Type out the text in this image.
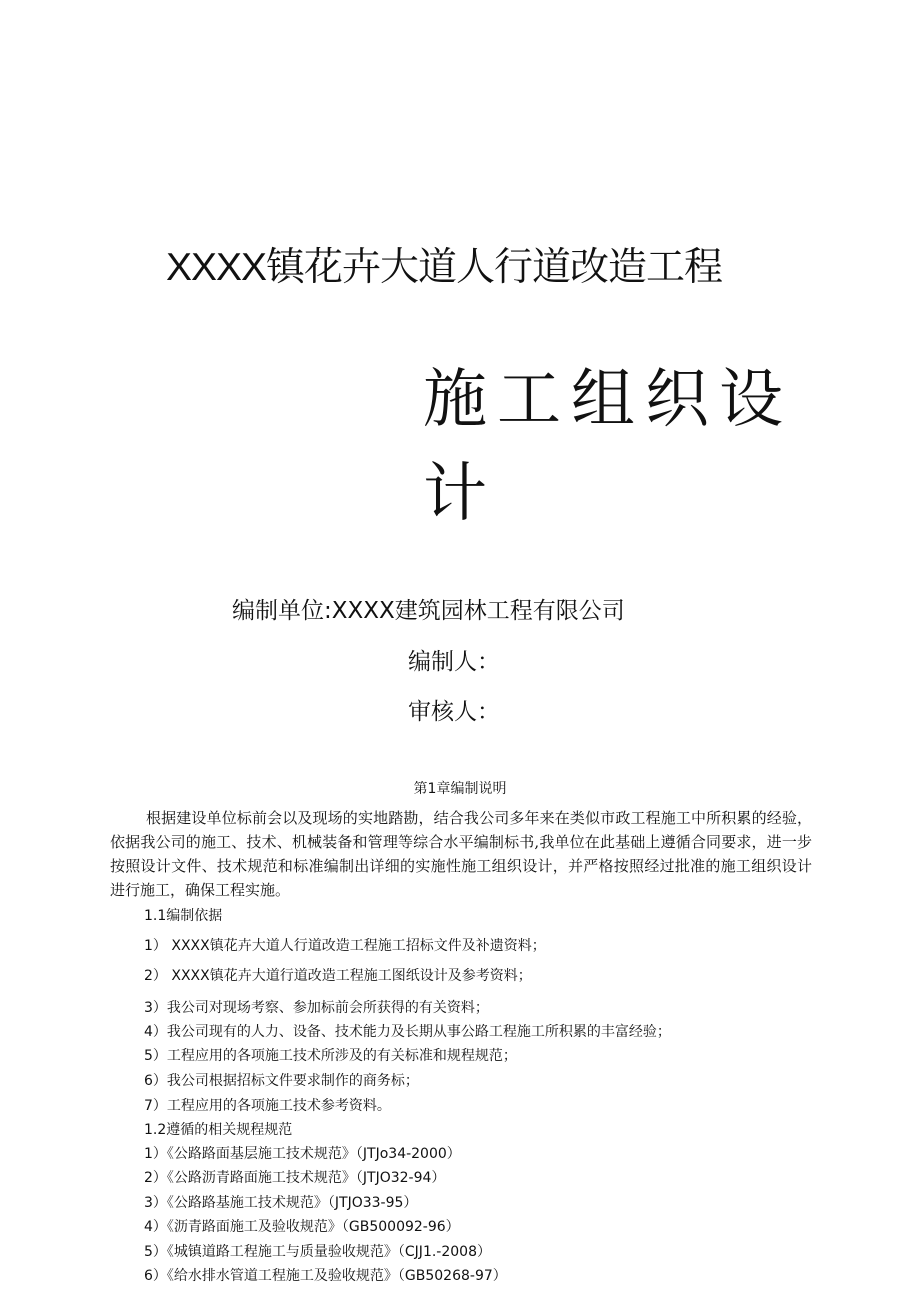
XXXX镇花卉大道人行道改造工程
施工组织设计
编制单位:XXXX建筑园林工程有限公司
编制人：
审核人：
第1章编制说明

根据建设单位标前会以及现场的实地踏勘，结合我公司多年来在类似市政工程施工中所积累的经验，依据我公司的施工、技术、机械装备和管理等综合水平编制标书,我单位在此基础上遵循合同要求，进一步按照设计文件、技术规范和标准编制出详细的实施性施工组织设计，并严格按照经过批准的施工组织设计进行施工，确保工程实施。

1.1编制依据
1） XXXX镇花卉大道人行道改造工程施工招标文件及补遗资料；
2） XXXX镇花卉大道行道改造工程施工图纸设计及参考资料；
3）我公司对现场考察、参加标前会所获得的有关资料；
4）我公司现有的人力、设备、技术能力及长期从事公路工程施工所积累的丰富经验；
5）工程应用的各项施工技术所涉及的有关标准和规程规范；
6）我公司根据招标文件要求制作的商务标；
7）工程应用的各项施工技术参考资料。
1.2遵循的相关规程规范
1）《公路路面基层施工技术规范》（JTJo34-2000）
2）《公路沥青路面施工技术规范》（JTJO32-94）
3）《公路路基施工技术规范》（JTJO33-95）
4）《沥青路面施工及验收规范》（GB500092-96）
5）《城镇道路工程施工与质量验收规范》（CJJ1.-2008）
6）《给水排水管道工程施工及验收规范》（GB50268-97）
